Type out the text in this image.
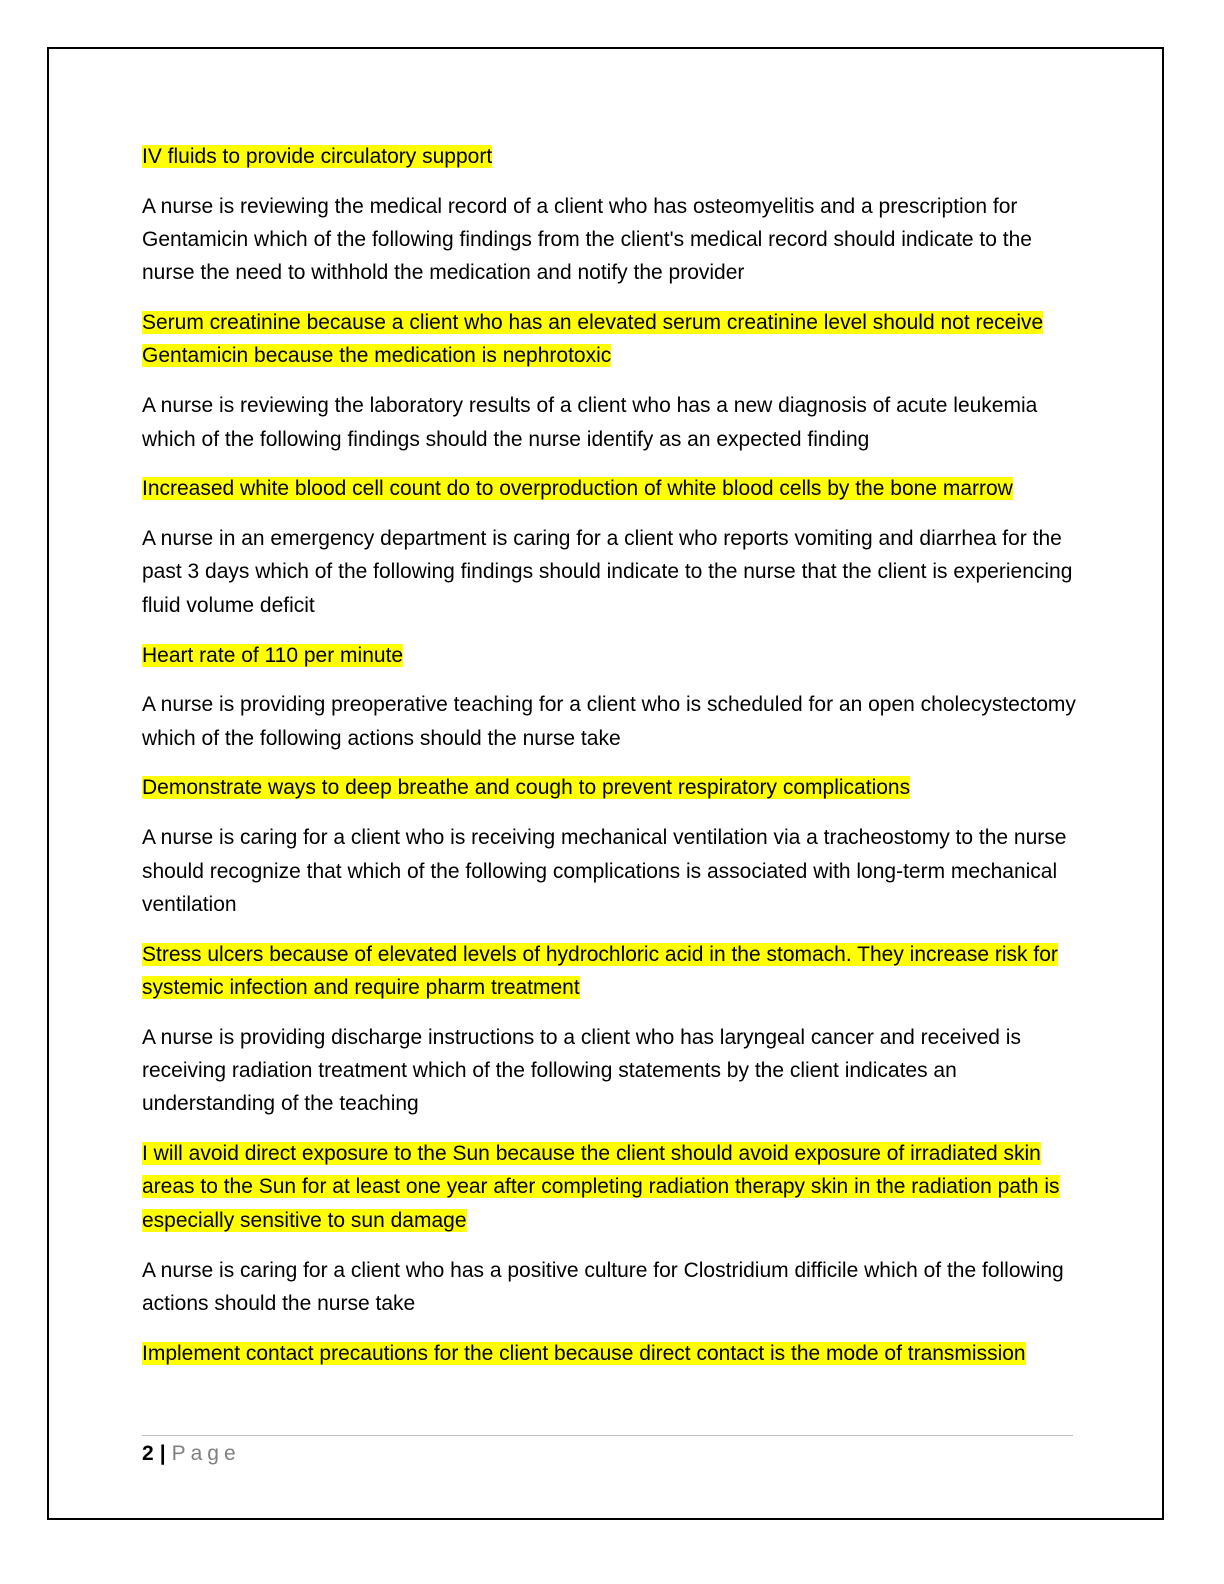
IV fluids to provide circulatory support

A nurse is reviewing the medical record of a client who has osteomyelitis and a prescription for Gentamicin which of the following findings from the client's medical record should indicate to the nurse the need to withhold the medication and notify the provider

Serum creatinine because a client who has an elevated serum creatinine level should not receive Gentamicin because the medication is nephrotoxic

A nurse is reviewing the laboratory results of a client who has a new diagnosis of acute leukemia which of the following findings should the nurse identify as an expected finding

Increased white blood cell count do to overproduction of white blood cells by the bone marrow

A nurse in an emergency department is caring for a client who reports vomiting and diarrhea for the past 3 days which of the following findings should indicate to the nurse that the client is experiencing fluid volume deficit

Heart rate of 110 per minute

A nurse is providing preoperative teaching for a client who is scheduled for an open cholecystectomy which of the following actions should the nurse take

Demonstrate ways to deep breathe and cough to prevent respiratory complications

A nurse is caring for a client who is receiving mechanical ventilation via a tracheostomy to the nurse should recognize that which of the following complications is associated with long-term mechanical ventilation

Stress ulcers because of elevated levels of hydrochloric acid in the stomach. They increase risk for systemic infection and require pharm treatment

A nurse is providing discharge instructions to a client who has laryngeal cancer and received is receiving radiation treatment which of the following statements by the client indicates an understanding of the teaching

I will avoid direct exposure to the Sun because the client should avoid exposure of irradiated skin areas to the Sun for at least one year after completing radiation therapy skin in the radiation path is especially sensitive to sun damage

A nurse is caring for a client who has a positive culture for Clostridium difficile which of the following actions should the nurse take

Implement contact precautions for the client because direct contact is the mode of transmission

2 | Page
